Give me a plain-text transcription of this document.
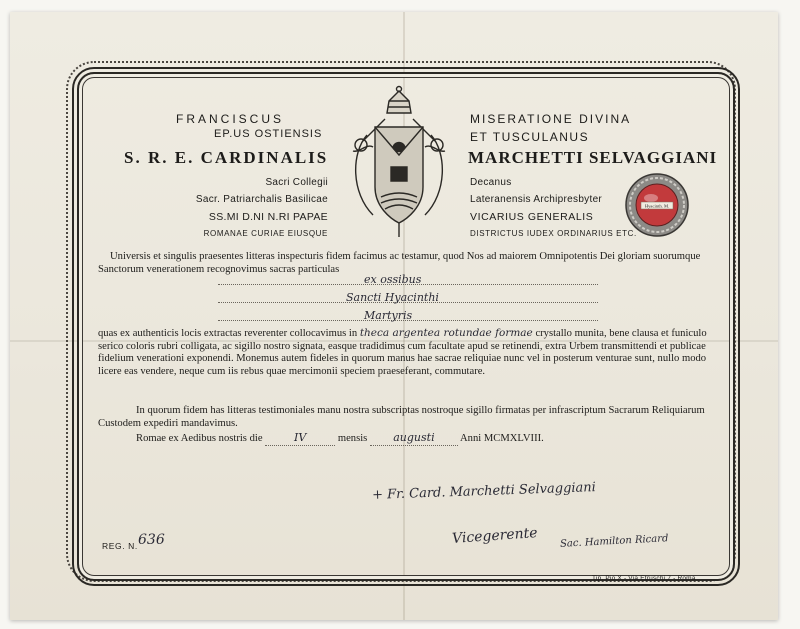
FRANCISCUS
EP.US OSTIENSIS
S. R. E. CARDINALIS
Sacri Collegii
Sacr. Patriarchalis Basilicae
SS.MI D.NI N.RI PAPAE
ROMANAE CURIAE EIUSQUE
MISERATIONE DIVINA
ET TUSCULANUS
MARCHETTI SELVAGGIANI
Decanus
Lateranensis Archipresbyter
VICARIUS GENERALIS
DISTRICTUS IUDEX ORDINARIUS ETC.
Hyacinth. M.
Universis et singulis praesentes litteras inspecturis fidem facimus ac testamur, quod Nos ad maiorem Omnipotentis Dei gloriam suorumque Sanctorum venerationem recognovimus sacras particulas
ex ossibus
Sancti Hyacinthi
Martyris
quas ex authenticis locis extractas reverenter collocavimus in theca argentea rotundae formae crystallo munita, bene clausa et funiculo serico coloris rubri colligata, ac sigillo nostro signata, easque tradidimus cum facultate apud se retinendi, extra Urbem transmittendi et publicae fidelium venerationi exponendi. Monemus autem fideles in quorum manus hae sacrae reliquiae nunc vel in posterum venturae sunt, nullo modo licere eas vendere, neque cum iis rebus quae mercimonii speciem praeseferant, commutare.
In quorum fidem has litteras testimoniales manu nostra subscriptas nostroque sigillo firmatas per infrascriptum Sacrarum Reliquiarum Custodem expediri mandavimus.
Romae ex Aedibus nostris die	IV	mensis augusti Anni MCMXLVIII.
+ Fr. Card. Marchetti Selvaggiani
Vicegerente Sac. Hamilton Ricard
REG. N. 636
Tip. Pio X - Via Etruschi 7 - Roma
